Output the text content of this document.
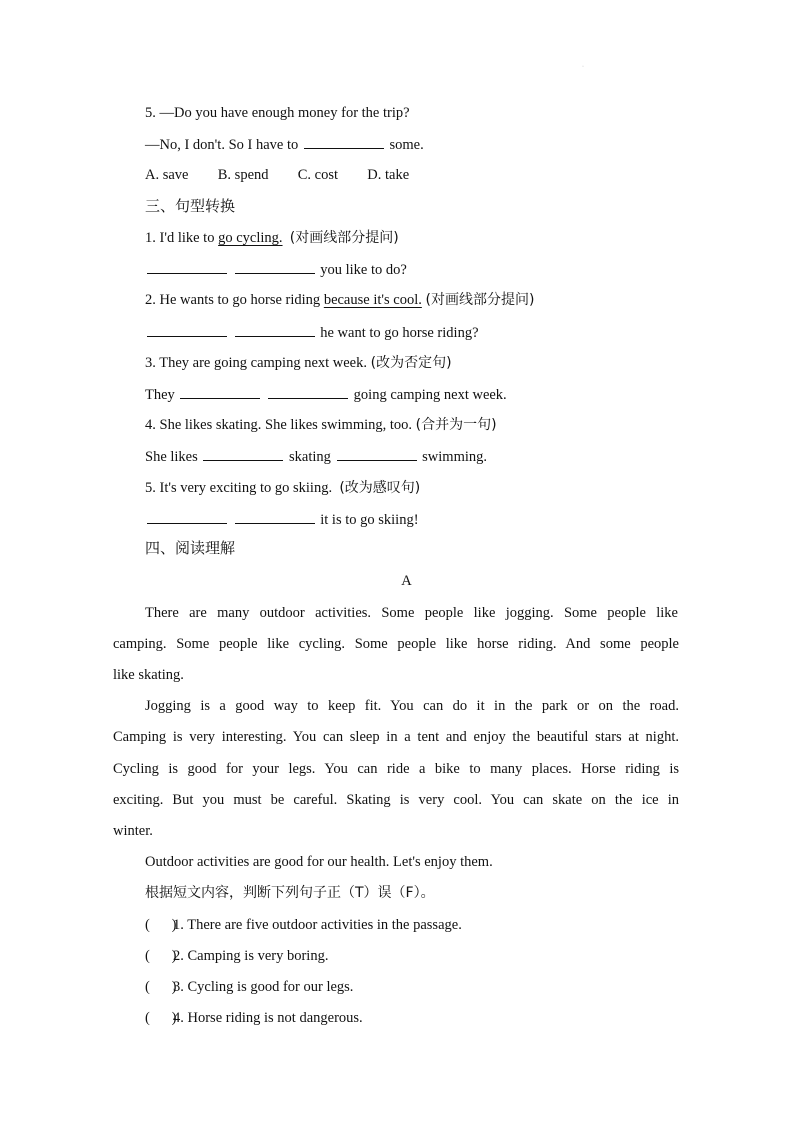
·
5. —Do you have enough money for the trip?
—No, I don't. So I have to	some.
A. save B. spend C. cost D. take
三、句型转换
1. I'd like to go cycling. (对画线部分提问)
you like to do?
2. He wants to go horse riding because it's cool. (对画线部分提问)
he want to go horse riding?
3. They are going camping next week. (改为否定句)
They	going camping next week.
4. She likes skating. She likes swimming, too. (合并为一句)
She likes	skating	swimming.
5. It's very exciting to go skiing. (改为感叹句)
it is to go skiing!
四、阅读理解
A
There are many outdoor activities. Some people like jogging. Some people like
camping. Some people like cycling. Some people like horse riding. And some people
like skating.
Jogging is a good way to keep fit. You can do it in the park or on the road.
Camping is very interesting. You can sleep in a tent and enjoy the beautiful stars at night.
Cycling is good for your legs. You can ride a bike to many places. Horse riding is
exciting. But you must be careful. Skating is very cool. You can skate on the ice in
winter.
Outdoor activities are good for our health. Let's enjoy them.
根据短文内容，判断下列句子正（T）误（F）。
(      )1. There are five outdoor activities in the passage.
(      )2. Camping is very boring.
(      )3. Cycling is good for our legs.
(      )4. Horse riding is not dangerous.
